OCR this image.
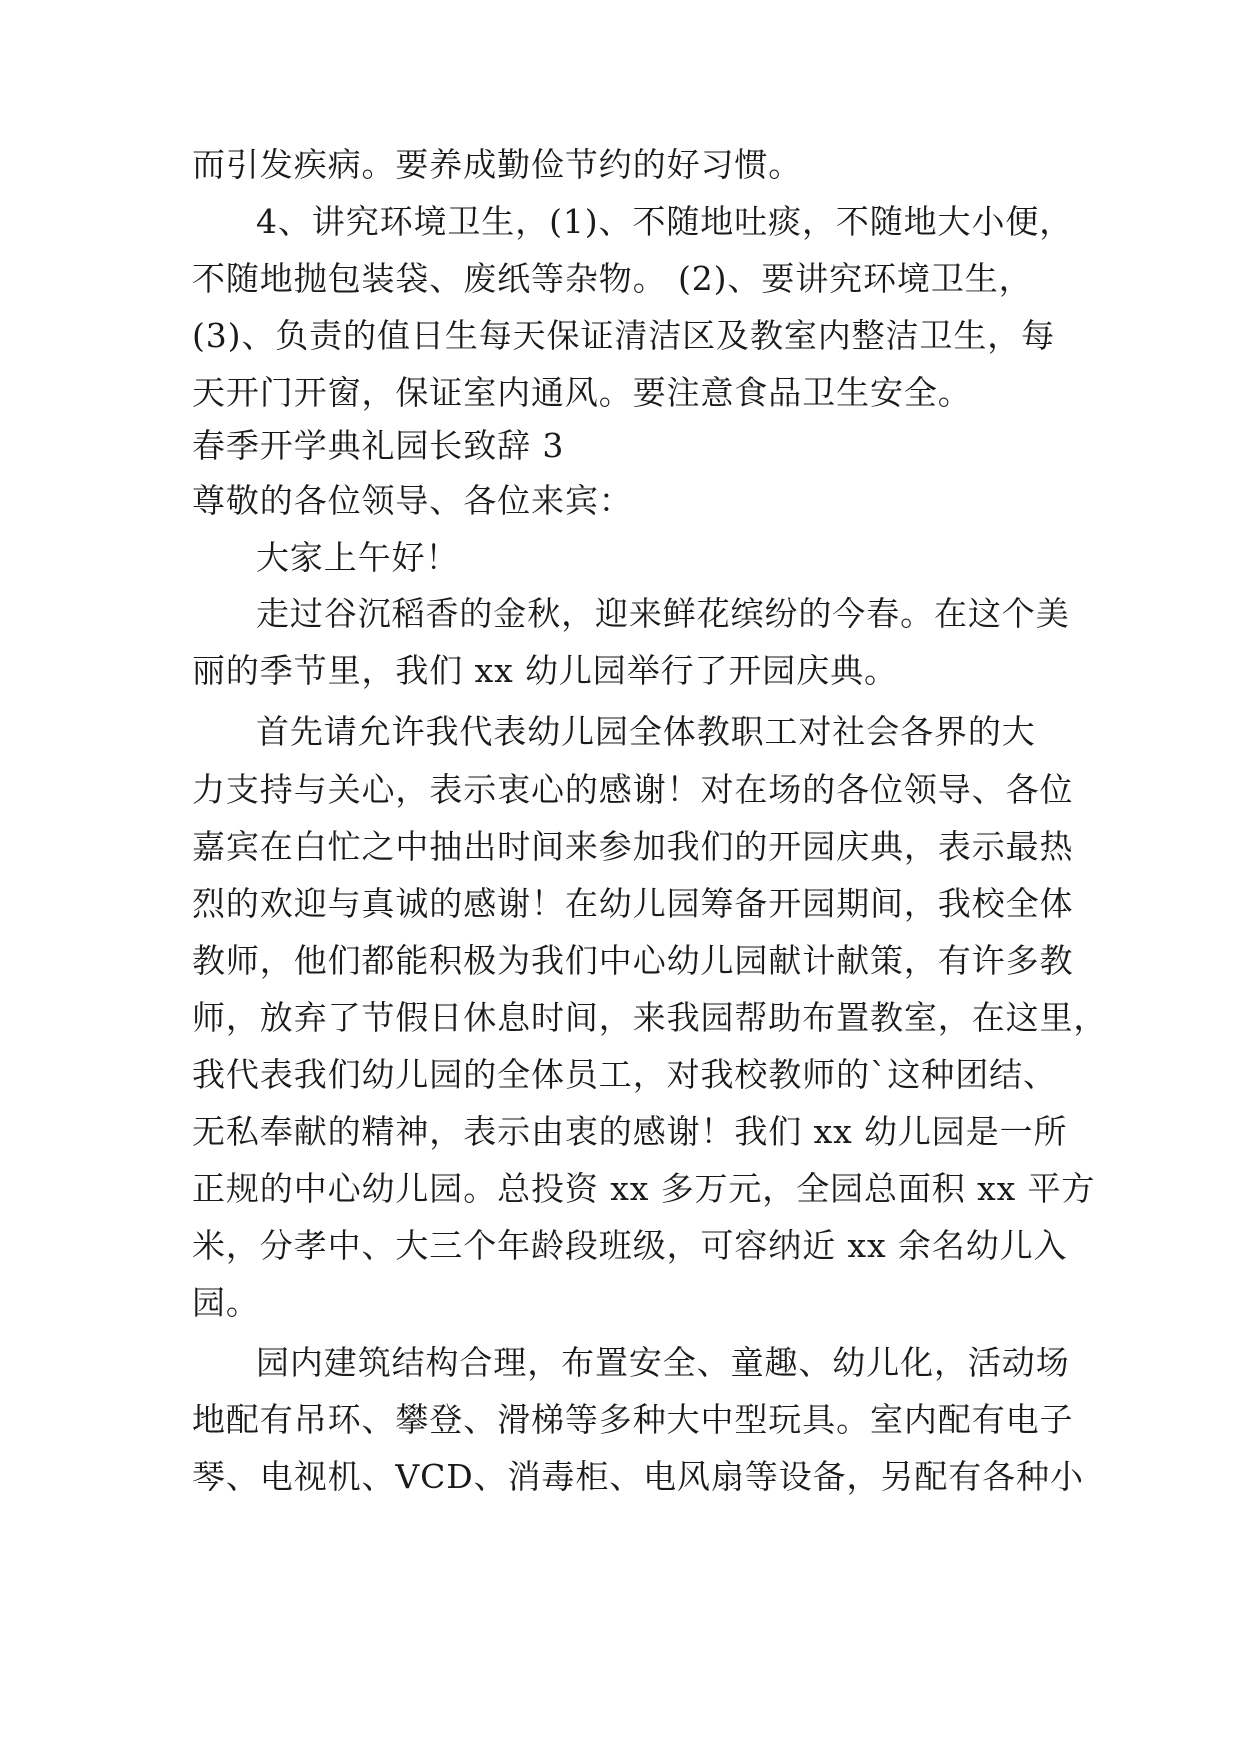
而引发疾病。要养成勤俭节约的好习惯。

4、讲究环境卫生，(1)、不随地吐痰，不随地大小便，

不随地抛包装袋、废纸等杂物。 (2)、要讲究环境卫生，

(3)、负责的值日生每天保证清洁区及教室内整洁卫生，每

天开门开窗，保证室内通风。要注意食品卫生安全。

春季开学典礼园长致辞 3

尊敬的各位领导、各位来宾：

大家上午好！

走过谷沉稻香的金秋，迎来鲜花缤纷的今春。在这个美

丽的季节里，我们 xx 幼儿园举行了开园庆典。

首先请允许我代表幼儿园全体教职工对社会各界的大

力支持与关心，表示衷心的感谢！对在场的各位领导、各位

嘉宾在白忙之中抽出时间来参加我们的开园庆典，表示最热

烈的欢迎与真诚的感谢！在幼儿园筹备开园期间，我校全体

教师，他们都能积极为我们中心幼儿园献计献策，有许多教

师，放弃了节假日休息时间，来我园帮助布置教室，在这里，

我代表我们幼儿园的全体员工，对我校教师的`这种团结、

无私奉献的精神，表示由衷的感谢！我们 xx 幼儿园是一所

正规的中心幼儿园。总投资 xx 多万元，全园总面积 xx 平方

米，分孝中、大三个年龄段班级，可容纳近 xx 余名幼儿入

园。

园内建筑结构合理，布置安全、童趣、幼儿化，活动场

地配有吊环、攀登、滑梯等多种大中型玩具。室内配有电子

琴、电视机、VCD、消毒柜、电风扇等设备，另配有各种小
